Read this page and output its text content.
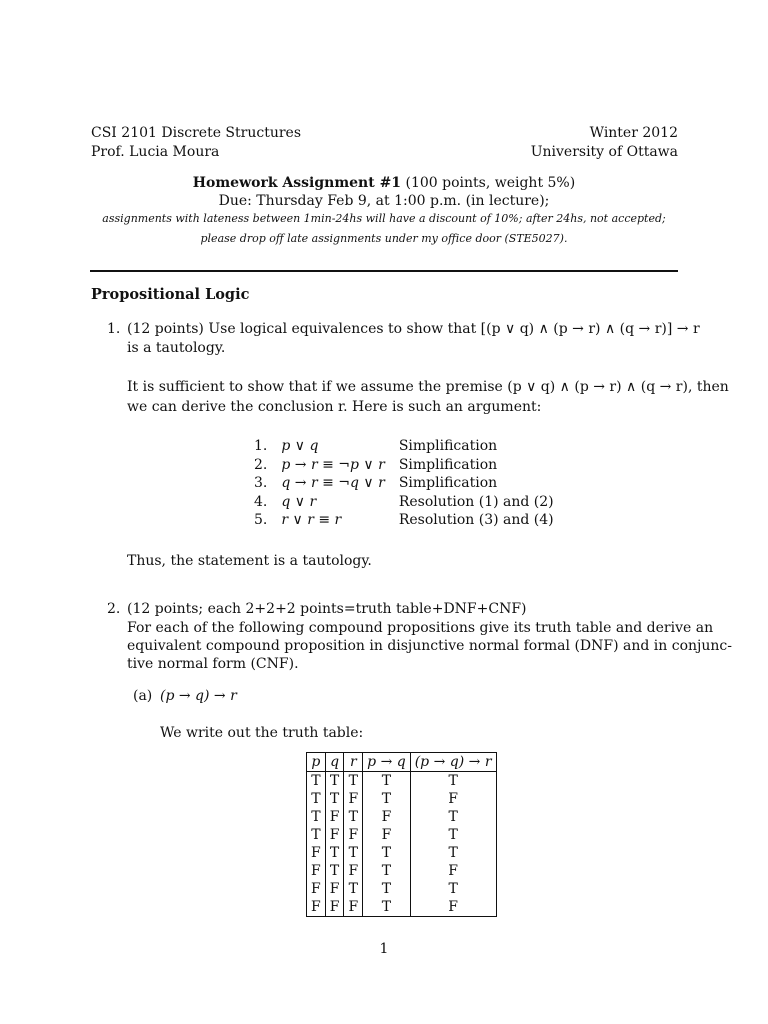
CSI 2101 Discrete Structures
Prof. Lucia Moura
Winter 2012
University of Ottawa
Homework Assignment #1 (100 points, weight 5%)
Due: Thursday Feb 9, at 1:00 p.m. (in lecture);
assignments with lateness between 1min-24hs will have a discount of 10%; after 24hs, not accepted;
please drop off late assignments under my office door (STE5027).
Propositional Logic
1. (12 points) Use logical equivalences to show that [(p ∨ q) ∧ (p → r) ∧ (q → r)] → r
is a tautology.
It is sufficient to show that if we assume the premise (p ∨ q) ∧ (p → r) ∧ (q → r), then
we can derive the conclusion r. Here is such an argument:
1.	p ∨ q	Simplification
2.	p → r ≡ ¬p ∨ r	Simplification
3.	q → r ≡ ¬q ∨ r	Simplification
4.	q ∨ r	Resolution (1) and (2)
5.	r ∨ r ≡ r	Resolution (3) and (4)
Thus, the statement is a tautology.
2. (12 points; each 2+2+2 points=truth table+DNF+CNF)
For each of the following compound propositions give its truth table and derive an
equivalent compound proposition in disjunctive normal formal (DNF) and in conjunc-
tive normal form (CNF).
(a) (p → q) → r
We write out the truth table:
p	q	r	p → q	(p → q) → r
T	T	T	T	T
T	T	F	T	F
T	F	T	F	T
T	F	F	F	T
F	T	T	T	T
F	T	F	T	F
F	F	T	T	T
F	F	F	T	F
1
